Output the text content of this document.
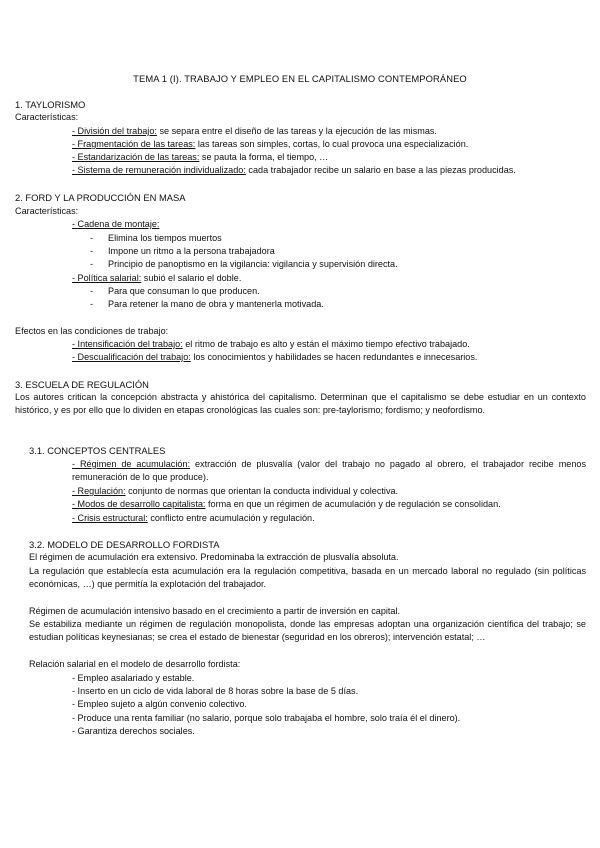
TEMA 1 (I). TRABAJO Y EMPLEO EN EL CAPITALISMO CONTEMPORÁNEO
1. TAYLORISMO
Características:
- División del trabajo: se separa entre el diseño de las tareas y la ejecución de las mismas.
- Fragmentación de las tareas: las tareas son simples, cortas, lo cual provoca una especialización.
- Estandarización de las tareas: se pauta la forma, el tiempo, …
- Sistema de remuneración individualizado: cada trabajador recibe un salario en base a las piezas producidas.
2. FORD Y LA PRODUCCIÓN EN MASA
Características:
- Cadena de montaje:
- Elimina los tiempos muertos
- Impone un ritmo a la persona trabajadora
- Principio de panoptismo en la vigilancia: vigilancia y supervisión directa.
- Política salarial: subió el salario el doble.
- Para que consuman lo que producen.
- Para retener la mano de obra y mantenerla motivada.
Efectos en las condiciones de trabajo:
- Intensificación del trabajo: el ritmo de trabajo es alto y están el máximo tiempo efectivo trabajado.
- Descualificación del trabajo: los conocimientos y habilidades se hacen redundantes e innecesarios.
3. ESCUELA DE REGULACIÓN
Los autores critican la concepción abstracta y ahistórica del capitalismo. Determinan que el capitalismo se debe estudiar en un contexto histórico, y es por ello que lo dividen en etapas cronológicas las cuales son: pre-taylorismo; fordismo; y neofordismo.
3.1. CONCEPTOS CENTRALES
- Régimen de acumulación: extracción de plusvalía (valor del trabajo no pagado al obrero, el trabajador recibe menos remuneración de lo que produce).
- Regulación: conjunto de normas que orientan la conducta individual y colectiva.
- Modos de desarrollo capitalista: forma en que un régimen de acumulación y de regulación se consolidan.
- Crisis estructural: conflicto entre acumulación y regulación.
3.2. MODELO DE DESARROLLO FORDISTA
El régimen de acumulación era extensivo. Predominaba la extracción de plusvalía absoluta.
La regulación que establecía esta acumulación era la regulación competitiva, basada en un mercado laboral no regulado (sin políticas económicas, …) que permitía la explotación del trabajador.
Régimen de acumulación intensivo basado en el crecimiento a partir de inversión en capital.
Se estabiliza mediante un régimen de regulación monopolista, donde las empresas adoptan una organización científica del trabajo; se estudian políticas keynesianas; se crea el estado de bienestar (seguridad en los obreros); intervención estatal; …
Relación salarial en el modelo de desarrollo fordista:
- Empleo asalariado y estable.
- Inserto en un ciclo de vida laboral de 8 horas sobre la base de 5 días.
- Empleo sujeto a algún convenio colectivo.
- Produce una renta familiar (no salario, porque solo trabajaba el hombre, solo traía él el dinero).
- Garantiza derechos sociales.
